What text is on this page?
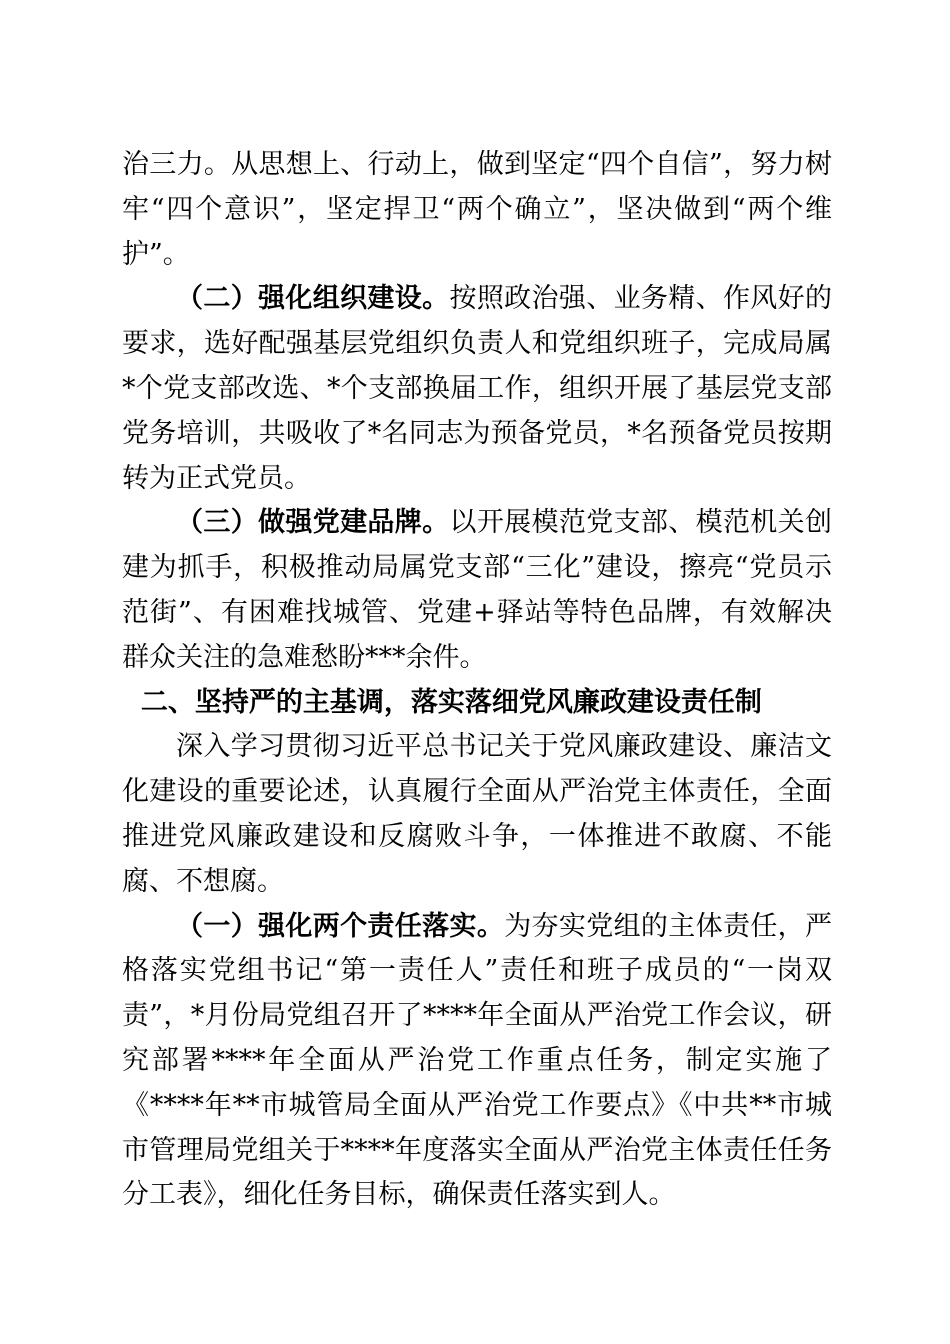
治三力。从思想上、行动上，做到坚定“四个自信”，努力树牢“四个意识”，坚定捍卫“两个确立”，坚决做到“两个维护”。

（二）强化组织建设。按照政治强、业务精、作风好的要求，选好配强基层党组织负责人和党组织班子，完成局属*个党支部改选、*个支部换届工作，组织开展了基层党支部党务培训，共吸收了*名同志为预备党员，*名预备党员按期转为正式党员。

（三）做强党建品牌。以开展模范党支部、模范机关创建为抓手，积极推动局属党支部“三化”建设，擦亮“党员示范街”、有困难找城管、党建+驿站等特色品牌，有效解决群众关注的急难愁盼***余件。

二、坚持严的主基调，落实落细党风廉政建设责任制

深入学习贯彻习近平总书记关于党风廉政建设、廉洁文化建设的重要论述，认真履行全面从严治党主体责任，全面推进党风廉政建设和反腐败斗争，一体推进不敢腐、不能腐、不想腐。

（一）强化两个责任落实。为夯实党组的主体责任，严格落实党组书记“第一责任人”责任和班子成员的“一岗双责”，*月份局党组召开了****年全面从严治党工作会议，研究部署****年全面从严治党工作重点任务，制定实施了《****年**市城管局全面从严治党工作要点》《中共**市城市管理局党组关于****年度落实全面从严治党主体责任任务分工表》，细化任务目标，确保责任落实到人。
